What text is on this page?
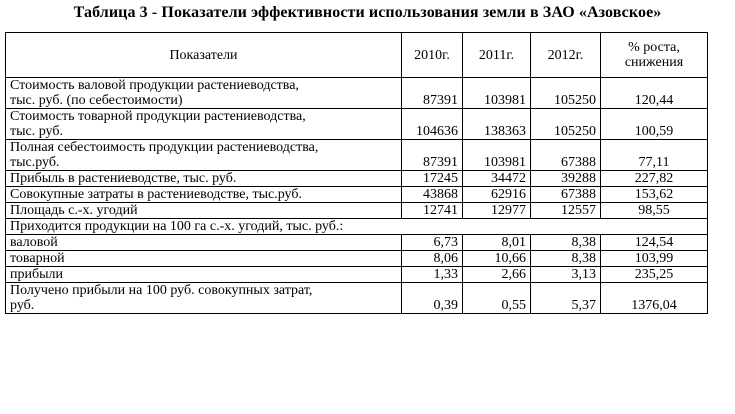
Таблица 3 - Показатели эффективности использования земли в ЗАО «Азовское»
Показатели	2010г.	2011г.	2012г.	% роста,
снижения

Стоимость валовой продукции растениеводства,
тыс. руб. (по себестоимости)	87391	103981	105250	120,44

Стоимость товарной продукции растениеводства,
тыс. руб.	104636	138363	105250	100,59

Полная себестоимость продукции растениеводства,
тыс.руб.	87391	103981	67388	77,11
Прибыль в растениеводстве, тыс. руб.	17245	34472	39288	227,82
Совокупные затраты в растениеводстве, тыс.руб.	43868	62916	67388	153,62
Площадь с.-х. угодий	12741	12977	12557	98,55
Приходится продукции на 100 га с.-х. угодий, тыс. руб.:				
валовой	6,73	8,01	8,38	124,54
товарной	8,06	10,66	8,38	103,99
прибыли	1,33	2,66	3,13	235,25

Получено прибыли на 100 руб. совокупных затрат,
руб.	0,39	0,55	5,37	1376,04
